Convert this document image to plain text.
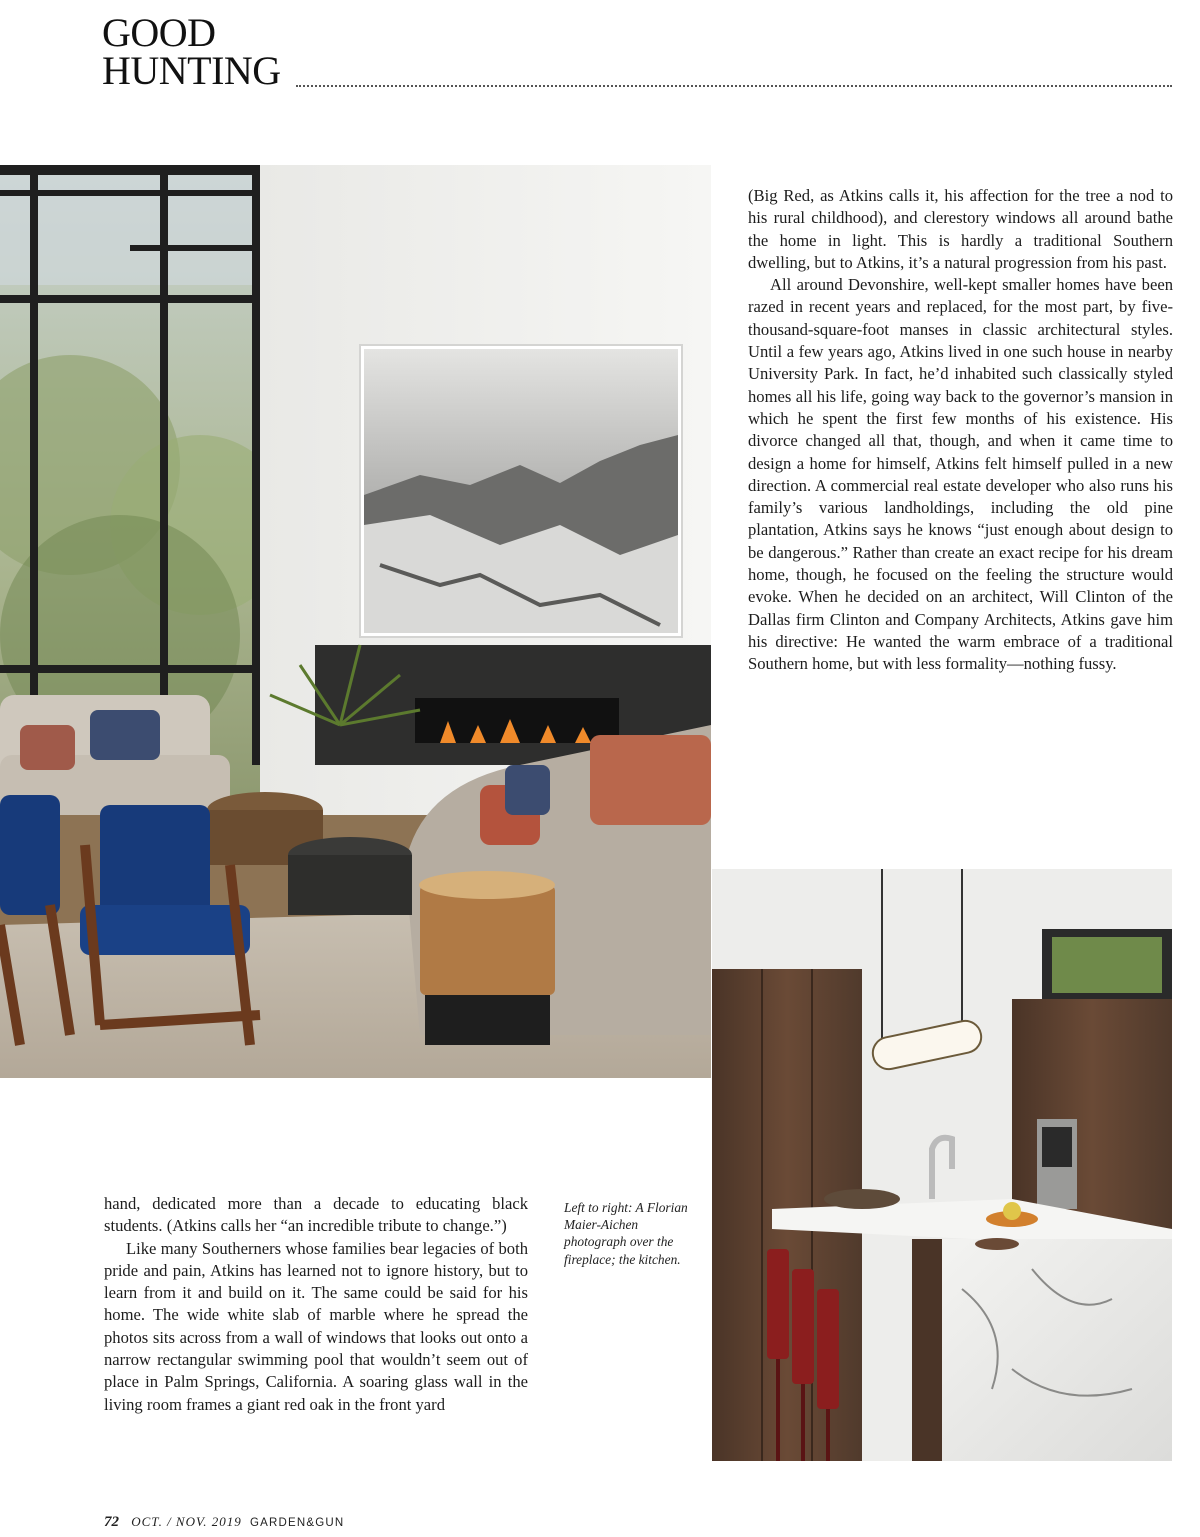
GOOD
HUNTING

(Big Red, as Atkins calls it, his affection for the tree a nod to his rural childhood), and clerestory windows all around bathe the home in light. This is hardly a traditional Southern dwelling, but to Atkins, it’s a natural progression from his past.

All around Devonshire, well-kept smaller homes have been razed in recent years and replaced, for the most part, by five-thousand-square-foot manses in classic architectural styles. Until a few years ago, Atkins lived in one such house in nearby University Park. In fact, he’d inhabited such classically styled homes all his life, going way back to the governor’s mansion in which he spent the first few months of his existence. His divorce changed all that, though, and when it came time to design a home for himself, Atkins felt himself pulled in a new direction. A commercial real estate developer who also runs his family’s various landholdings, including the old pine plantation, Atkins says he knows “just enough about design to be dangerous.” Rather than create an exact recipe for his dream home, though, he focused on the feeling the structure would evoke. When he decided on an architect, Will Clinton of the Dallas firm Clinton and Company Architects, Atkins gave him his directive: He wanted the warm embrace of a traditional Southern home, but with less formality—nothing fussy.

hand, dedicated more than a decade to educating black students. (Atkins calls her “an incredible tribute to change.”)

Like many Southerners whose families bear legacies of both pride and pain, Atkins has learned not to ignore history, but to learn from it and build on it. The same could be said for his home. The wide white slab of marble where he spread the photos sits across from a wall of windows that looks out onto a narrow rectangular swimming pool that wouldn’t seem out of place in Palm Springs, California. A soaring glass wall in the living room frames a giant red oak in the front yard

Left to right: A Florian Maier-Aichen photograph over the fireplace; the kitchen.
72 OCT. / NOV. 2019 GARDEN&GUN
